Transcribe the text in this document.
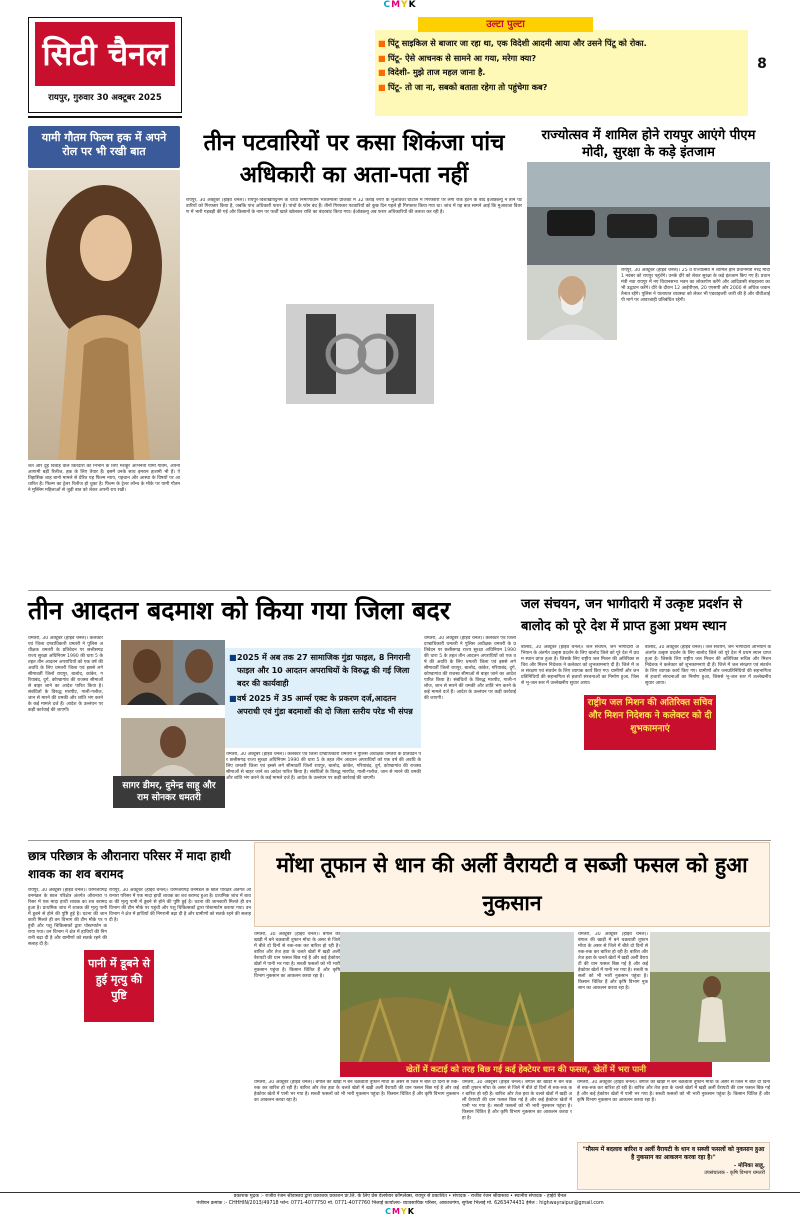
CMYK
सिटी चैनल
रायपुर, गुरुवार 30 अक्टूबर 2025
उल्टा पुल्टा
■ पिंटू साइकिल से बाजार जा रहा था, एक विदेशी आदमी आया और उसने पिंटू को रोका.
■ पिंटू- ऐसे आचनक से सामने आ गया, मरेगा क्या?
■ विदेशी- मुझे ताज महल जाना है.
■ पिंटू- तो जा ना, सबको बताता रहेगा तो पहुंचेगा कब?
8
यामी गौतम फिल्म हक में अपने रोल पर भी रखी बात
शर्त और दुह विवाह वाले किरदारों को निभाने के लिए मशहूर अभिनेत्री यामी गौतम, अपनी आगामी बड़ी रिलीज, हक के लिए तैयार हैं। इसमें उनके साथ इमरान हाशमी भी हैं। ऐतिहासिक शाह बानो मामले से प्रेरित यह फिल्म न्याय, पहचान और आस्था के विषयों पर आधारित है। फिल्म का ट्रेलर रिलीज हो चुका है। फिल्म के ट्रेलर लॉन्च के मौके पर यामी गौतम ने मुस्लिम महिलाओं से जुड़ी बात को लेकर अपनी राय रखी।
तीन पटवारियों पर कसा शिकंजा पांच अधिकारी का अता-पता नहीं
रायपुर, 30 अक्टूबर (हाईवे चैनल)। रायपुर-विशाखापट्टनम के चौथा निर्माणाधीन भारतमाला प्रोजेक्ट में 32 करोड़ रुपए के मुआवजा घोटाले में गिरफ्तारी पर लगी रोक हटने के बाद ईओडब्ल्यू ने तीन पटवारियों को गिरफ्तार किया है, जबकि पांच अधिकारी फरार हैं। पांचों के फोन बंद हैं। तीनों गिरफ्तार पटवारियों को कुछ दिन पहले ही गिरफ्तार किया गया था। जांच में यह बात सामने आई कि मुआवजा वितरण में भारी गड़बड़ी की गई और किसानों के नाम पर फर्जी खाते खोलकर राशि का बंदरबांट किया गया। ईओडब्ल्यू अब फरार अधिकारियों की तलाश कर रही है।
राज्योत्सव में शामिल होने रायपुर आएंगे पीएम मोदी, सुरक्षा के कड़े इंतजाम
रायपुर, 30 अक्टूबर (हाईवे चैनल)। 25 वें राज्योत्सव में शामिल होने प्रधानमंत्री नरेंद्र मोदी 1 नवंबर को रायपुर पहुंचेंगे। उनके दौरे को लेकर सुरक्षा के कड़े इंतजाम किए गए हैं। प्रधानमंत्री नवा रायपुर में नए विधानसभा भवन का लोकार्पण करेंगे और आदिवासी संग्रहालय का भी उद्घाटन करेंगे। दौरे के दौरान 12 आईपीएस, 20 एएसपी और 2000 से अधिक जवान तैनात रहेंगे। पुलिस ने यातायात व्यवस्था को लेकर भी एडवाइजरी जारी की है और वीवीआईपी मार्ग पर आवाजाही प्रतिबंधित रहेगी।
तीन आदतन बदमाश को किया गया जिला बदर
धमतरी, 30 अक्टूबर (हाईवे चैनल)। कलेक्टर एवं जिला दण्डाधिकारी धमतरी ने पुलिस अधीक्षक धमतरी के प्रतिवेदन पर छत्तीसगढ़ राज्य सुरक्षा अधिनियम 1990 की धारा 5 के तहत तीन आदतन अपराधियों को एक वर्ष की अवधि के लिए धमतरी जिला एवं इससे लगे सीमावर्ती जिलों रायपुर, बालोद, कांकेर, गरियाबंद, दुर्ग, कोण्डागांव की राजस्व सीमाओं से बाहर जाने का आदेश पारित किया है। संबंधितों के विरुद्ध मारपीट, गाली-गलौज, जान से मारने की धमकी और शांति भंग करने के कई मामले दर्ज हैं। आदेश के उल्लंघन पर कड़ी कार्रवाई की जाएगी।
सागर डीमर, दुमेन्द्र साहू और राम सोनकर धमतरी
■ 2025 में अब तक 27 सामाजिक गुंडा फाइल, 8 निगरानी फाइल और 10 आदतन अपराधियों के विरुद्ध की गई जिला बदर की कार्यवाही
■ वर्ष 2025 में 35 आर्म्स एक्ट के प्रकरण दर्ज,आदतन अपराधी एवं गुंडा बदमाशों की दो जिला स्तरीय परेड भी संपन्न
धमतरी, 30 अक्टूबर (हाईवे चैनल)। कलेक्टर एवं जिला दण्डाधिकारी धमतरी ने पुलिस अधीक्षक धमतरी के प्रतिवेदन पर छत्तीसगढ़ राज्य सुरक्षा अधिनियम 1990 की धारा 5 के तहत तीन आदतन अपराधियों को एक वर्ष की अवधि के लिए धमतरी जिला एवं इससे लगे सीमावर्ती जिलों रायपुर, बालोद, कांकेर, गरियाबंद, दुर्ग, कोण्डागांव की राजस्व सीमाओं से बाहर जाने का आदेश पारित किया है। संबंधितों के विरुद्ध मारपीट, गाली-गलौज, जान से मारने की धमकी और शांति भंग करने के कई मामले दर्ज हैं। आदेश के उल्लंघन पर कड़ी कार्रवाई की जाएगी।
धमतरी, 30 अक्टूबर (हाईवे चैनल)। कलेक्टर एवं जिला दण्डाधिकारी धमतरी ने पुलिस अधीक्षक धमतरी के प्रतिवेदन पर छत्तीसगढ़ राज्य सुरक्षा अधिनियम 1990 की धारा 5 के तहत तीन आदतन अपराधियों को एक वर्ष की अवधि के लिए धमतरी जिला एवं इससे लगे सीमावर्ती जिलों रायपुर, बालोद, कांकेर, गरियाबंद, दुर्ग, कोण्डागांव की राजस्व सीमाओं से बाहर जाने का आदेश पारित किया है। संबंधितों के विरुद्ध मारपीट, गाली-गलौज, जान से मारने की धमकी और शांति भंग करने के कई मामले दर्ज हैं। आदेश के उल्लंघन पर कड़ी कार्रवाई की जाएगी।
जल संचयन, जन भागीदारी में उत्कृष्ट प्रदर्शन से बालोद को पूरे देश में प्राप्त हुआ प्रथम स्थान
बालोद, 30 अक्टूबर (हाईवे चैनल)। जल संचयन, जन भागीदारी अभियान के अंतर्गत उत्कृष्ट प्रदर्शन के लिए बालोद जिले को पूरे देश में प्रथम स्थान प्राप्त हुआ है। जिसके लिए राष्ट्रीय जल मिशन की अतिरिक्त सचिव और मिशन निदेशक ने कलेक्टर को शुभकामनाएं दी हैं। जिले में जल संरक्षण एवं संवर्धन के लिए व्यापक कार्य किए गए। ग्रामीणों और जनप्रतिनिधियों की सहभागिता से हजारों संरचनाओं का निर्माण हुआ, जिससे भू-जल स्तर में उल्लेखनीय सुधार आया।
राष्ट्रीय जल मिशन की अतिरिक्त सचिव और मिशन निदेशक ने कलेक्टर को दी शुभकामनाएं
बालोद, 30 अक्टूबर (हाईवे चैनल)। जल संचयन, जन भागीदारी अभियान के अंतर्गत उत्कृष्ट प्रदर्शन के लिए बालोद जिले को पूरे देश में प्रथम स्थान प्राप्त हुआ है। जिसके लिए राष्ट्रीय जल मिशन की अतिरिक्त सचिव और मिशन निदेशक ने कलेक्टर को शुभकामनाएं दी हैं। जिले में जल संरक्षण एवं संवर्धन के लिए व्यापक कार्य किए गए। ग्रामीणों और जनप्रतिनिधियों की सहभागिता से हजारों संरचनाओं का निर्माण हुआ, जिससे भू-जल स्तर में उल्लेखनीय सुधार आया।
छात्र परिछात्र के औरानारा परिसर में मादा हाथी शावक का शव बरामद
रायपुर, 30 अक्टूबर (हाईवे चैनल)। धरमजयगढ़ वनमंडल के छाल परिक्षेत्र अंतर्गत औरानारा परिसर में एक मादा हाथी शावक का शव बरामद हुआ है। प्राथमिक जांच में शावक की मृत्यु पानी में डूबने से होने की पुष्टि हुई है। घटना की जानकारी मिलते ही वन विभाग की टीम मौके पर पहुंची और पशु चिकित्सकों द्वारा पोस्टमार्टम कराया गया। वन विभाग ने क्षेत्र में हाथियों की निगरानी बढ़ा दी है और ग्रामीणों को सतर्क रहने की सलाह दी है।
पानी में डूबने से हुई मृत्यु की पुष्टि
रायपुर, 30 अक्टूबर (हाईवे चैनल)। धरमजयगढ़ वनमंडल के छाल परिक्षेत्र अंतर्गत औरानारा परिसर में एक मादा हाथी शावक का शव बरामद हुआ है। प्राथमिक जांच में शावक की मृत्यु पानी में डूबने से होने की पुष्टि हुई है। घटना की जानकारी मिलते ही वन विभाग की टीम मौके पर पहुंची और पशु चिकित्सकों द्वारा पोस्टमार्टम कराया गया। वन विभाग ने क्षेत्र में हाथियों की निगरानी बढ़ा दी है और ग्रामीणों को सतर्क रहने की सलाह दी है।
मोंथा तूफान से धान की अर्ली वैरायटी व सब्जी फसल को हुआ नुकसान
धमतरी, 30 अक्टूबर (हाईवे चैनल)। बंगाल की खाड़ी में बने चक्रवाती तूफान मोंथा के असर से जिले में बीते दो दिनों से रुक-रुक कर बारिश हो रही है। बारिश और तेज हवा के चलते खेतों में खड़ी अर्ली वैरायटी की धान फसल बिछ गई है और कई हेक्टेयर खेतों में पानी भर गया है। सब्जी फसलों को भी भारी नुकसान पहुंचा है। किसान चिंतित हैं और कृषि विभाग नुकसान का आकलन करवा रहा है।
खेतों में कटाई को तरह बिछ गई कई हेक्टेयर धान की फसल, खेतों में भरा पानी
धमतरी, 30 अक्टूबर (हाईवे चैनल)। बंगाल की खाड़ी में बने चक्रवाती तूफान मोंथा के असर से जिले में बीते दो दिनों से रुक-रुक कर बारिश हो रही है। बारिश और तेज हवा के चलते खेतों में खड़ी अर्ली वैरायटी की धान फसल बिछ गई है और कई हेक्टेयर खेतों में पानी भर गया है। सब्जी फसलों को भी भारी नुकसान पहुंचा है। किसान चिंतित हैं और कृषि विभाग नुकसान का आकलन करवा रहा है।
धमतरी, 30 अक्टूबर (हाईवे चैनल)। बंगाल की खाड़ी में बने चक्रवाती तूफान मोंथा के असर से जिले में बीते दो दिनों से रुक-रुक कर बारिश हो रही है। बारिश और तेज हवा के चलते खेतों में खड़ी अर्ली वैरायटी की धान फसल बिछ गई है और कई हेक्टेयर खेतों में पानी भर गया है। सब्जी फसलों को भी भारी नुकसान पहुंचा है। किसान चिंतित हैं और कृषि विभाग नुकसान का आकलन करवा रहा है।
धमतरी, 30 अक्टूबर (हाईवे चैनल)। बंगाल की खाड़ी में बने चक्रवाती तूफान मोंथा के असर से जिले में बीते दो दिनों से रुक-रुक कर बारिश हो रही है। बारिश और तेज हवा के चलते खेतों में खड़ी अर्ली वैरायटी की धान फसल बिछ गई है और कई हेक्टेयर खेतों में पानी भर गया है। सब्जी फसलों को भी भारी नुकसान पहुंचा है। किसान चिंतित हैं और कृषि विभाग नुकसान का आकलन करवा रहा है।
धमतरी, 30 अक्टूबर (हाईवे चैनल)। बंगाल की खाड़ी में बने चक्रवाती तूफान मोंथा के असर से जिले में बीते दो दिनों से रुक-रुक कर बारिश हो रही है। बारिश और तेज हवा के चलते खेतों में खड़ी अर्ली वैरायटी की धान फसल बिछ गई है और कई हेक्टेयर खेतों में पानी भर गया है। सब्जी फसलों को भी भारी नुकसान पहुंचा है। किसान चिंतित हैं और कृषि विभाग नुकसान का आकलन करवा रहा है।
"मौसम में बदलाव बारिश व अर्ली वैरायटी के धान व सब्जी फसलों को नुकसान हुआ है नुकसान का आकलन करवा रहा है।"
- मोनिका साहू,
उपसंचालक - कृषि विभाग धमतरी
प्रकाशक मुद्रक :- राजीव रंजन श्रीवास्तव द्वारा प्रकाशक प्रकाशन प्रा.लि. के लिए प्रेस वेलफेयर कॉम्प्लेक्स, रायपुर से प्रकाशित • संपादक - राजीव रंजन श्रीवास्तव • स्थानीय संपादक - हाईवे चैनल
पंजीयन क्रमांक :- CHHHIN/2013/49718 फोन: 0771-4077750 मो. 0771-4077760 भिलाई कार्यालय- व्यावसायिक परिसर, आकाशगंगा, सुपेला भिलाई मो. 6263474431 ईमेल : highwayraipur@gmail.com
CMYK
